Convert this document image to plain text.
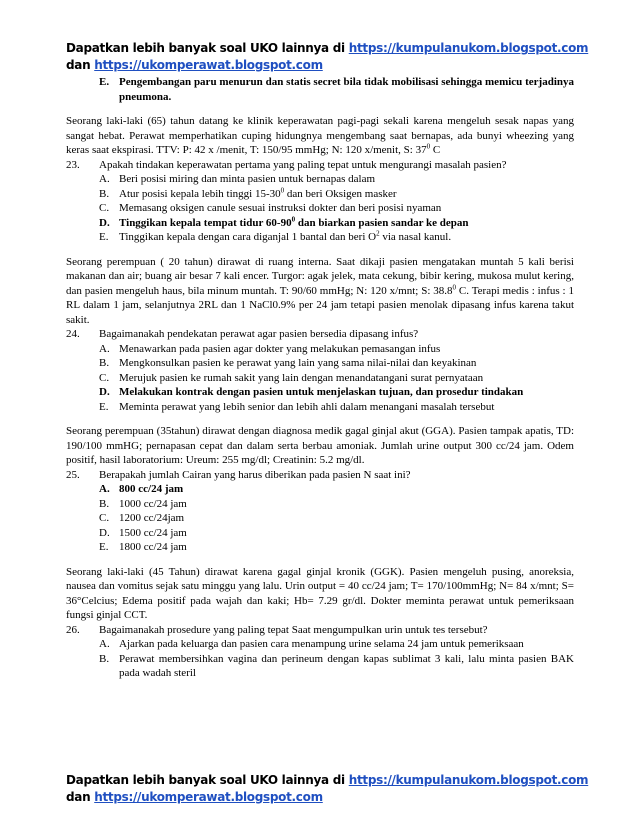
Dapatkan lebih banyak soal UKO lainnya di https://kumpulanukom.blogspot.com
dan https://ukomperawat.blogspot.com
E. Pengembangan paru menurun dan statis secret bila tidak mobilisasi sehingga memicu terjadinya pneumona.

Seorang laki-laki (65) tahun datang ke klinik keperawatan pagi-pagi sekali karena mengeluh sesak napas yang sangat hebat. Perawat memperhatikan cuping hidungnya mengembang saat bernapas, ada bunyi wheezing yang keras saat ekspirasi. TTV: P: 42 x /menit, T: 150/95 mmHg; N: 120 x/menit, S: $37^0$ C

23.	Apakah tindakan keperawatan pertama yang paling tepat untuk mengurangi masalah pasien?
A. Beri posisi miring dan minta pasien untuk bernapas dalam
B. Atur posisi kepala lebih tinggi $15-30^0$ dan beri Oksigen masker
C. Memasang oksigen canule sesuai instruksi dokter dan beri posisi nyaman
D. Tinggikan kepala tempat tidur $60-90^0$ dan biarkan pasien sandar ke depan
E. Tinggikan kepala dengan cara diganjal 1 bantal dan beri $O^2$ via nasal kanul.

Seorang perempuan ( 20 tahun) dirawat di ruang interna. Saat dikaji pasien mengatakan muntah 5 kali berisi makanan dan air; buang air besar 7 kali encer. Turgor: agak jelek, mata cekung, bibir kering, mukosa mulut kering, dan pasien mengeluh haus, bila minum muntah. T: 90/60 mmHg; N: 120 x/mnt; S: 38.8$^0$ C. Terapi medis : infus : 1 RL dalam 1 jam, selanjutnya 2RL dan 1 NaCl0.9% per 24 jam tetapi pasien menolak dipasang infus karena takut sakit.

24.	Bagaimanakah pendekatan perawat agar pasien bersedia dipasang infus?
A. Menawarkan pada pasien agar dokter yang melakukan pemasangan infus
B. Mengkonsulkan pasien ke perawat yang lain yang sama nilai-nilai dan keyakinan
C. Merujuk pasien ke rumah sakit yang lain dengan menandatangani surat pernyataan
D. Melakukan kontrak dengan pasien untuk menjelaskan tujuan, dan prosedur tindakan
E. Meminta perawat yang lebih senior dan lebih ahli dalam menangani masalah tersebut

Seorang perempuan (35tahun) dirawat dengan diagnosa medik gagal ginjal akut (GGA). Pasien tampak apatis, TD: 190/100 mmHG; pernapasan cepat dan dalam serta berbau amoniak. Jumlah urine output 300 cc/24 jam. Odem positif, hasil laboratorium: Ureum: 255 mg/dl; Creatinin: 5.2 mg/dl.

25.	Berapakah jumlah Cairan yang harus diberikan pada pasien N saat ini?
A. 800 cc/24 jam
B. 1000 cc/24 jam
C. 1200 cc/24jam
D. 1500 cc/24 jam
E. 1800 cc/24 jam

Seorang laki-laki (45 Tahun) dirawat karena gagal ginjal kronik (GGK). Pasien mengeluh pusing, anoreksia, nausea dan vomitus sejak satu minggu yang lalu. Urin output = 40 cc/24 jam; T= 170/100mmHg; N= 84 x/mnt; S= 36°Celcius; Edema positif pada wajah dan kaki; Hb= 7.29 gr/dl. Dokter meminta perawat untuk pemeriksaan fungsi ginjal CCT.

26.	Bagaimanakah prosedure yang paling tepat Saat mengumpulkan urin untuk tes tersebut?
A. Ajarkan pada keluarga dan pasien cara menampung urine selama 24 jam untuk pemeriksaan
B. Perawat membersihkan vagina dan perineum dengan kapas sublimat 3 kali, lalu minta pasien BAK pada wadah steril
Dapatkan lebih banyak soal UKO lainnya di https://kumpulanukom.blogspot.com
dan https://ukomperawat.blogspot.com
